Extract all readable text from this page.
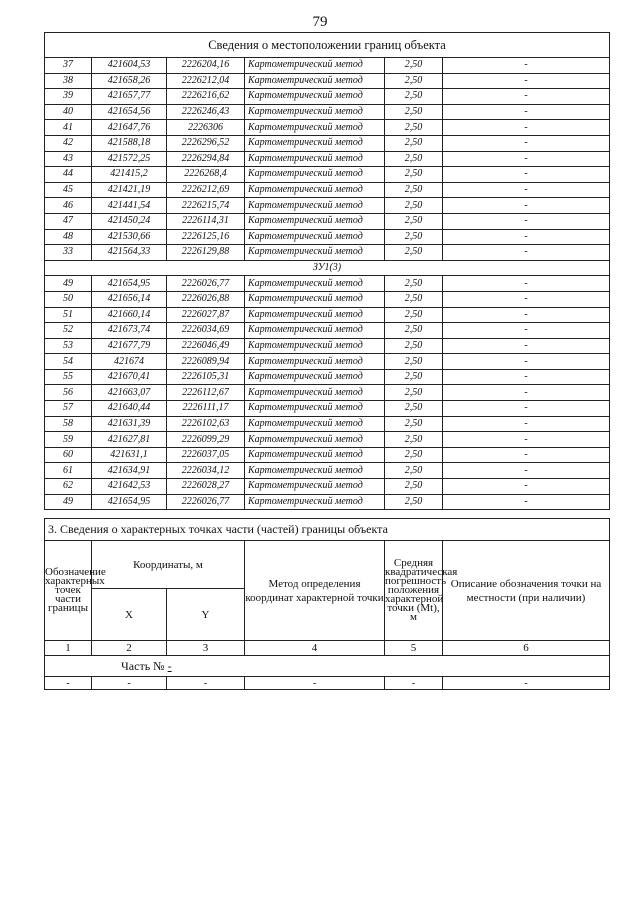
79
Сведения о местоположении границ объекта					
37	421604,53	2226204,16	Картометрический метод	2,50	-
38	421658,26	2226212,04	Картометрический метод	2,50	-
39	421657,77	2226216,62	Картометрический метод	2,50	-
40	421654,56	2226246,43	Картометрический метод	2,50	-
41	421647,76	2226306	Картометрический метод	2,50	-
42	421588,18	2226296,52	Картометрический метод	2,50	-
43	421572,25	2226294,84	Картометрический метод	2,50	-
44	421415,2	2226268,4	Картометрический метод	2,50	-
45	421421,19	2226212,69	Картометрический метод	2,50	-
46	421441,54	2226215,74	Картометрический метод	2,50	-
47	421450,24	2226114,31	Картометрический метод	2,50	-
48	421530,66	2226125,16	Картометрический метод	2,50	-
33	421564,33	2226129,88	Картометрический метод	2,50	-
ЗУ1(3)					
49	421654,95	2226026,77	Картометрический метод	2,50	-
50	421656,14	2226026,88	Картометрический метод	2,50	-
51	421660,14	2226027,87	Картометрический метод	2,50	-
52	421673,74	2226034,69	Картометрический метод	2,50	-
53	421677,79	2226046,49	Картометрический метод	2,50	-
54	421674	2226089,94	Картометрический метод	2,50	-
55	421670,41	2226105,31	Картометрический метод	2,50	-
56	421663,07	2226112,67	Картометрический метод	2,50	-
57	421640,44	2226111,17	Картометрический метод	2,50	-
58	421631,39	2226102,63	Картометрический метод	2,50	-
59	421627,81	2226099,29	Картометрический метод	2,50	-
60	421631,1	2226037,05	Картометрический метод	2,50	-
61	421634,91	2226034,12	Картометрический метод	2,50	-
62	421642,53	2226028,27	Картометрический метод	2,50	-
49	421654,95	2226026,77	Картометрический метод	2,50	-
3. Сведения о характерных точках части (частей) границы объекта					
Обозначение характерных точек части границы	Координаты, м		Метод определения координат характерной точки	Средняя квадратическая погрешность положения характерной точки (Мt), м	Описание обозначения точки на местности (при наличии)
	X	Y			
1	2	3	4	5	6
Часть № -					
-	-	-	-	-	-
